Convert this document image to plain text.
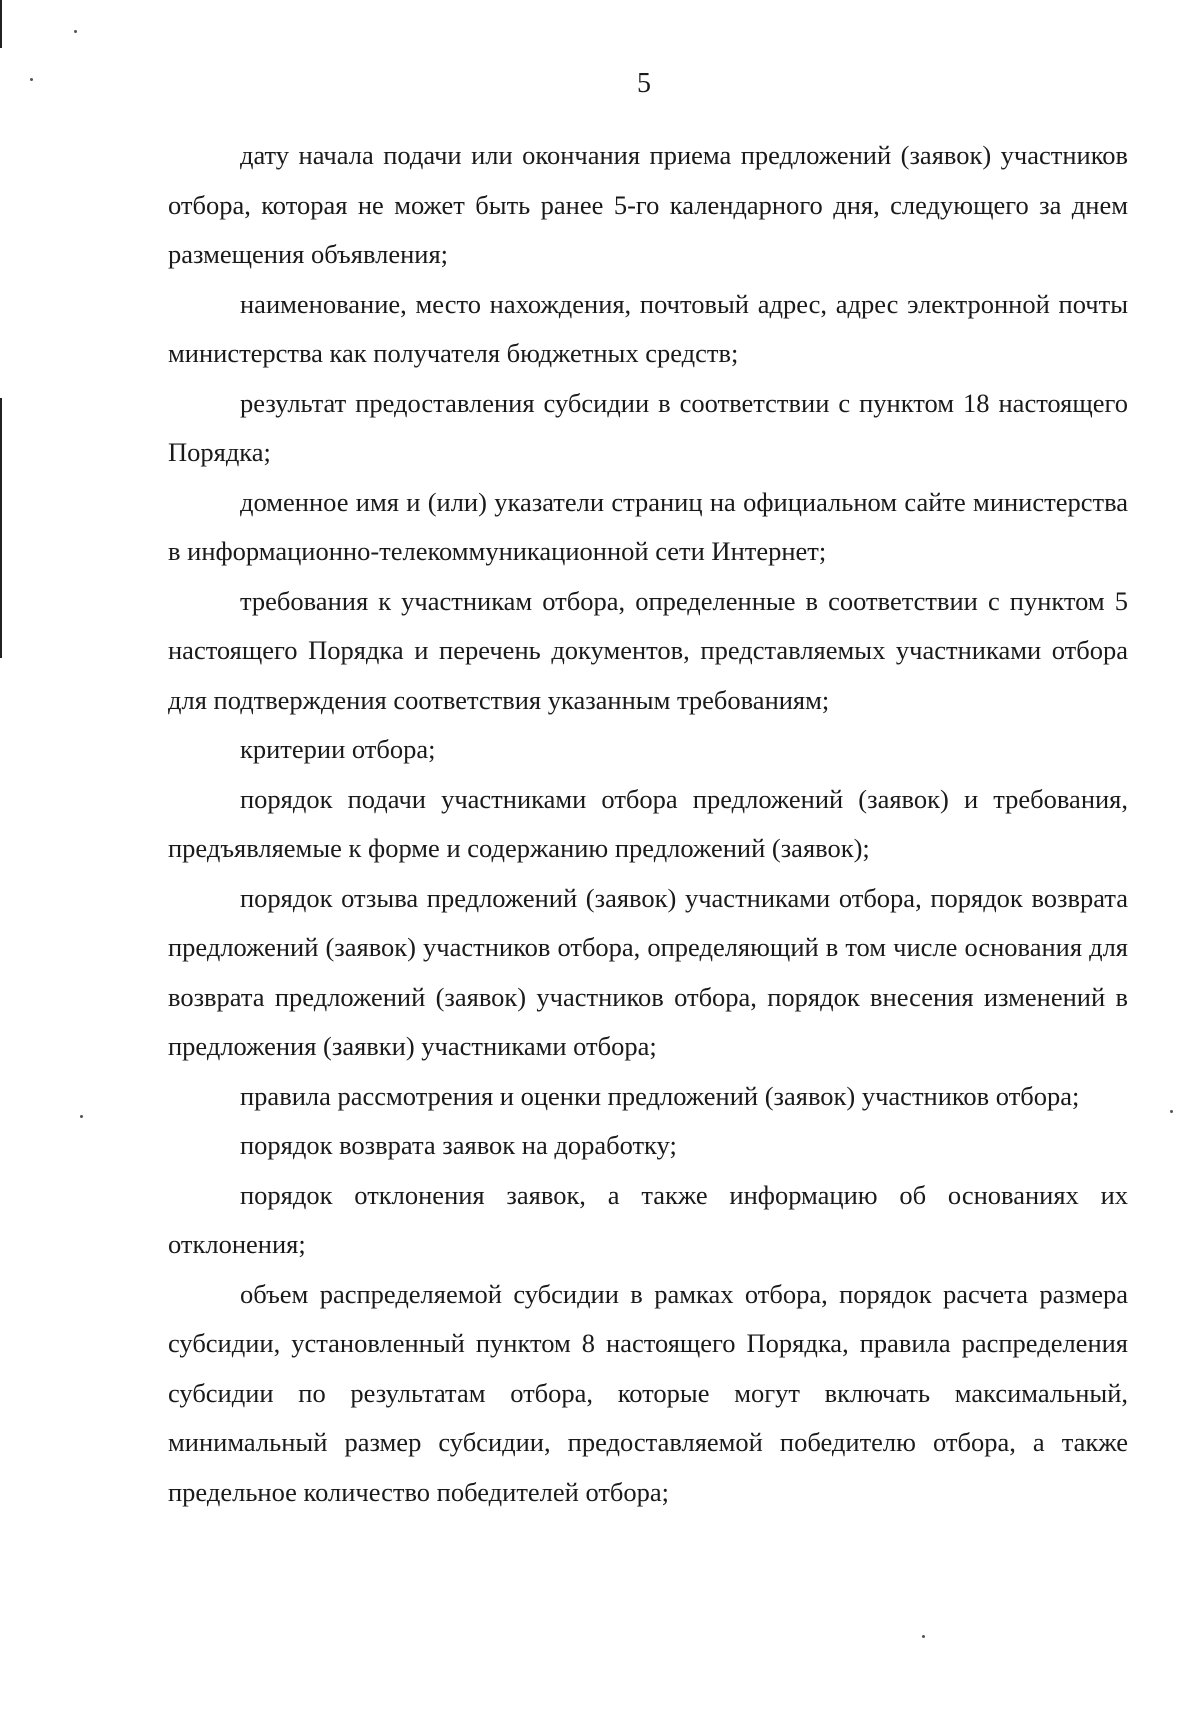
5

дату начала подачи или окончания приема предложений (заявок) участников отбора, которая не может быть ранее 5-го календарного дня, следующего за днем размещения объявления;

наименование, место нахождения, почтовый адрес, адрес электронной почты министерства как получателя бюджетных средств;

результат предоставления субсидии в соответствии с пунктом 18 настоящего Порядка;

доменное имя и (или) указатели страниц на официальном сайте министерства в информационно-телекоммуникационной сети Интернет;

требования к участникам отбора, определенные в соответствии с пунктом 5 настоящего Порядка и перечень документов, представляемых участниками отбора для подтверждения соответствия указанным требованиям;

критерии отбора;

порядок подачи участниками отбора предложений (заявок) и требования, предъявляемые к форме и содержанию предложений (заявок);

порядок отзыва предложений (заявок) участниками отбора, порядок возврата предложений (заявок) участников отбора, определяющий в том числе основания для возврата предложений (заявок) участников отбора, порядок внесения изменений в предложения (заявки) участниками отбора;

правила рассмотрения и оценки предложений (заявок) участников отбора;

порядок возврата заявок на доработку;

порядок отклонения заявок, а также информацию об основаниях их отклонения;

объем распределяемой субсидии в рамках отбора, порядок расчета размера субсидии, установленный пунктом 8 настоящего Порядка, правила распределения субсидии по результатам отбора, которые могут включать максимальный, минимальный размер субсидии, предоставляемой победителю отбора, а также предельное количество победителей отбора;
